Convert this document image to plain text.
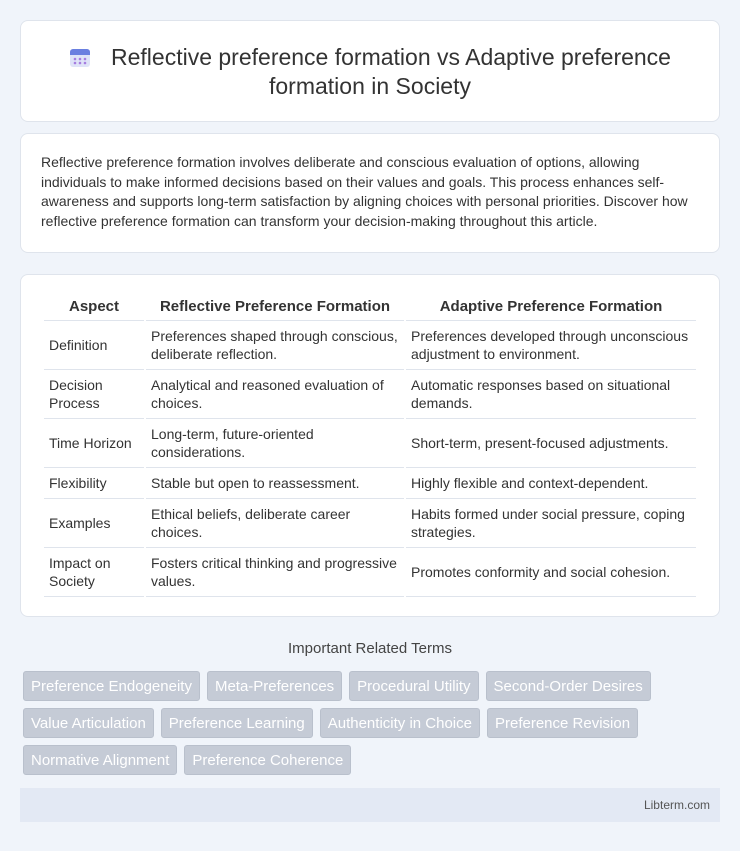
Reflective preference formation vs Adaptive preference formation in Society

Reflective preference formation involves deliberate and conscious evaluation of options, allowing individuals to make informed decisions based on their values and goals. This process enhances self-awareness and supports long-term satisfaction by aligning choices with personal priorities. Discover how reflective preference formation can transform your decision-making throughout this article.

Aspect	Reflective Preference Formation	Adaptive Preference Formation
Definition	Preferences shaped through conscious, deliberate reflection.	Preferences developed through unconscious adjustment to environment.
Decision Process	Analytical and reasoned evaluation of choices.	Automatic responses based on situational demands.
Time Horizon	Long-term, future-oriented considerations.	Short-term, present-focused adjustments.
Flexibility	Stable but open to reassessment.	Highly flexible and context-dependent.
Examples	Ethical beliefs, deliberate career choices.	Habits formed under social pressure, coping strategies.
Impact on Society	Fosters critical thinking and progressive values.	Promotes conformity and social cohesion.
Important Related Terms
Preference Endogeneity	Meta-Preferences	Procedural Utility	Second-Order Desires
Value Articulation	Preference Learning	Authenticity in Choice	Preference Revision
Normative Alignment	Preference Coherence
Libterm.com
